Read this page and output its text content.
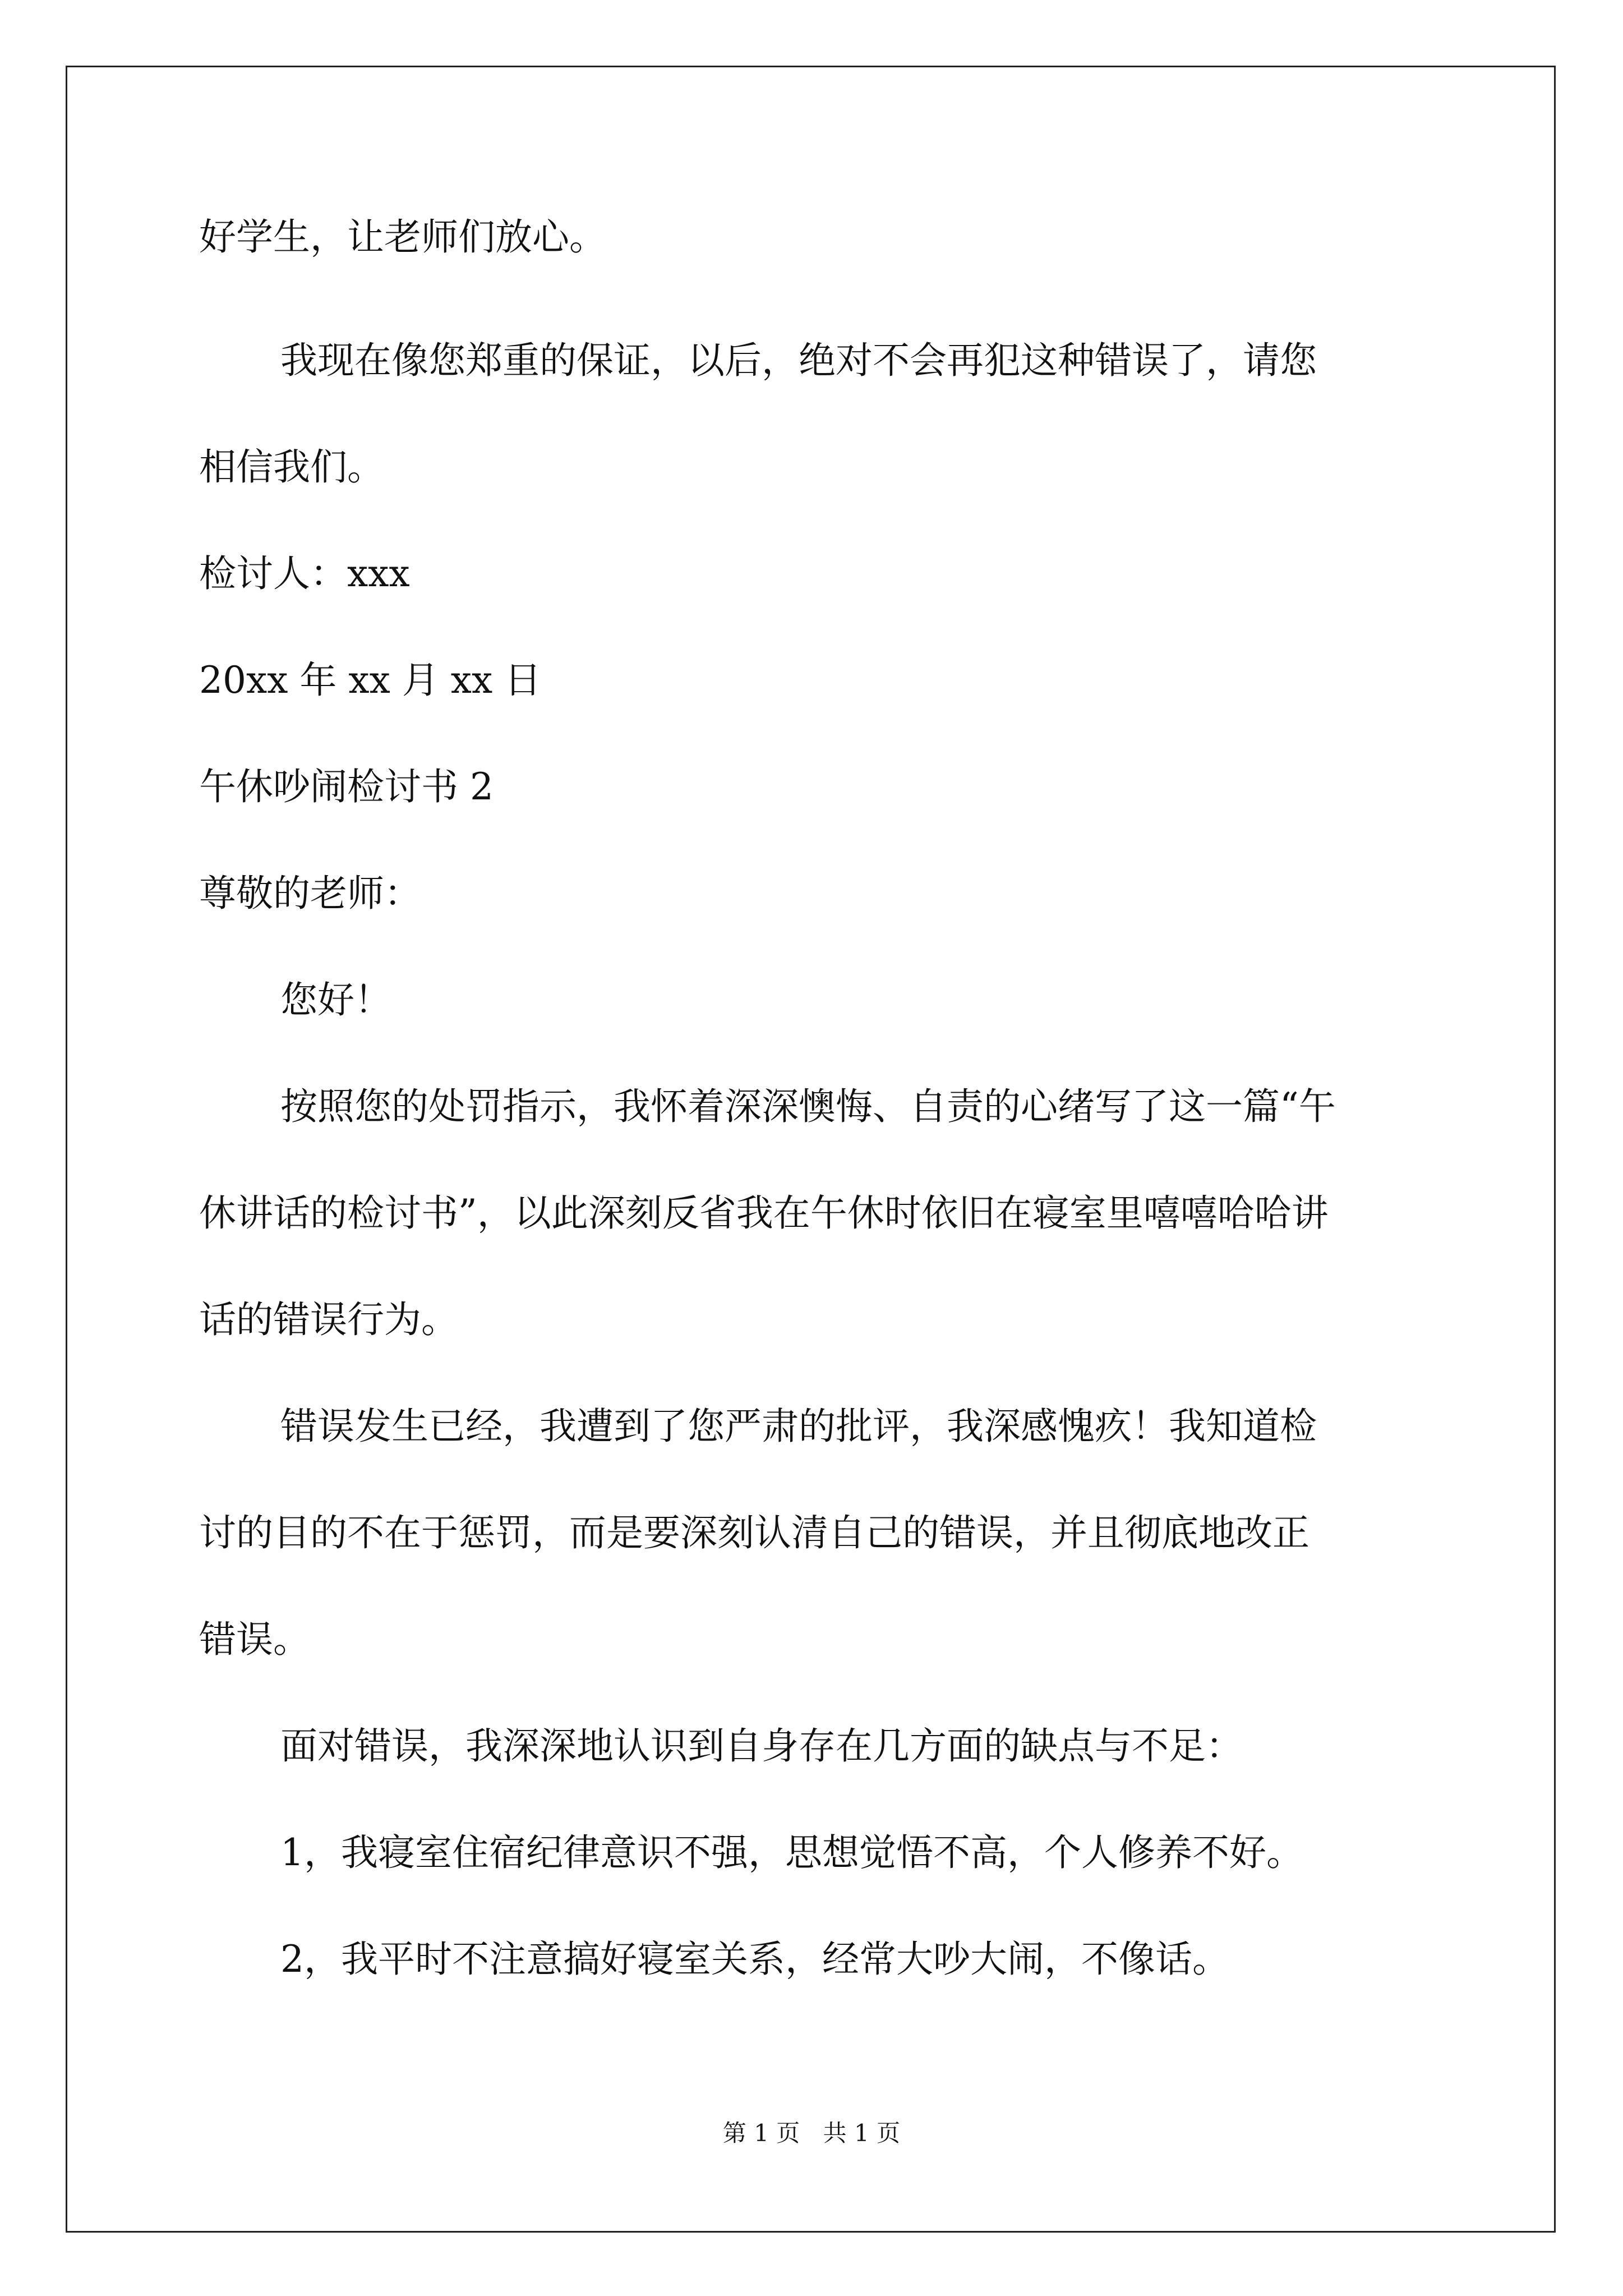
好学生，让老师们放心。
我现在像您郑重的保证，以后，绝对不会再犯这种错误了，请您
相信我们。
检讨人：xxx
20xx 年 xx 月 xx 日
午休吵闹检讨书 2
尊敬的老师：
您好！
按照您的处罚指示，我怀着深深懊悔、自责的心绪写了这一篇“午
休讲话的检讨书”，以此深刻反省我在午休时依旧在寝室里嘻嘻哈哈讲
话的错误行为。
错误发生已经，我遭到了您严肃的批评，我深感愧疚！我知道检
讨的目的不在于惩罚，而是要深刻认清自己的错误，并且彻底地改正
错误。
面对错误，我深深地认识到自身存在几方面的缺点与不足：
1，我寝室住宿纪律意识不强，思想觉悟不高，个人修养不好。
2，我平时不注意搞好寝室关系，经常大吵大闹，不像话。
第 1 页 共 1 页
